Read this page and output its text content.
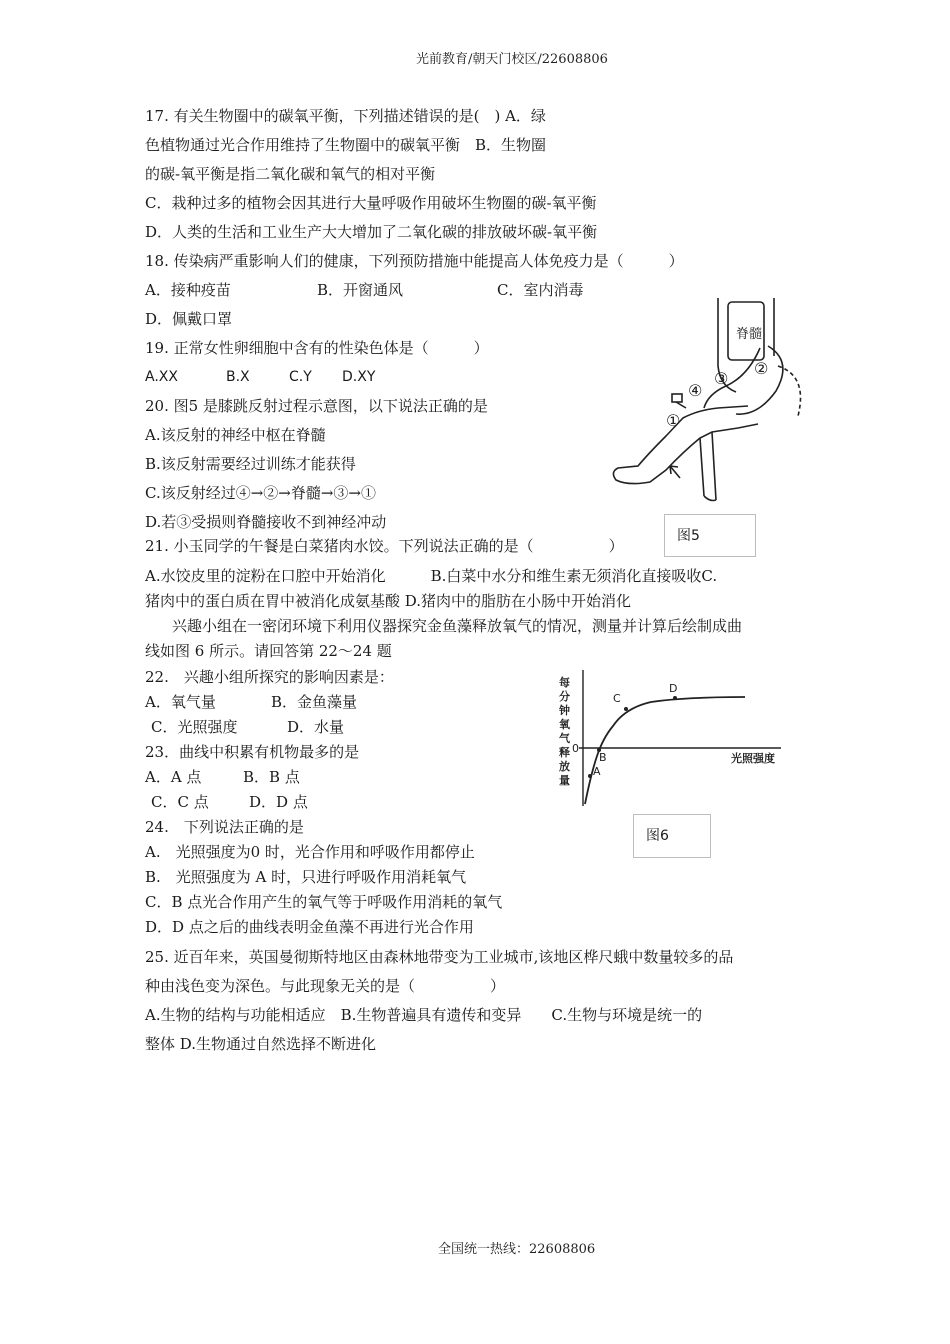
光前教育/朝天门校区/22608806
17. 有关生物圈中的碳氧平衡，下列描述错误的是(　) A．绿
色植物通过光合作用维持了生物圈中的碳氧平衡　B．生物圈
的碳-氧平衡是指二氧化碳和氧气的相对平衡
C．栽种过多的植物会因其进行大量呼吸作用破坏生物圈的碳-氧平衡
D．人类的生活和工业生产大大增加了二氧化碳的排放破坏碳-氧平衡
18. 传染病严重影响人们的健康，下列预防措施中能提高人体免疫力是（　　　）
A．接种疫苗	B．开窗通风	C．室内消毒
D．佩戴口罩
19. 正常女性卵细胞中含有的性染色体是（　　　）
A.XX	B.X	C.Y D.XY
20. 图5 是膝跳反射过程示意图，以下说法正确的是
A.该反射的神经中枢在脊髓
B.该反射需要经过训练才能获得
C.该反射经过④→②→脊髓→③→①
D.若③受损则脊髓接收不到神经冲动
脊髓
④
③
②
①
图5
21. 小玉同学的午餐是白菜猪肉水饺。下列说法正确的是（　　　　　）
A.水饺皮里的淀粉在口腔中开始消化　　　B.白菜中水分和维生素无须消化直接吸收C.
猪肉中的蛋白质在胃中被消化成氨基酸 D.猪肉中的脂肪在小肠中开始消化
兴趣小组在一密闭环境下利用仪器探究金鱼藻释放氧气的情况，测量并计算后绘制成曲
线如图 6 所示。请回答第 22～24 题
22.　兴趣小组所探究的影响因素是：
A．氧气量	B．金鱼藻量
C．光照强度	D．水量
23．曲线中积累有机物最多的是
A．A 点	B．B 点
C．C 点	D．D 点
24.　下列说法正确的是
A.　光照强度为0 时，光合作用和呼吸作用都停止
B.　光照强度为 A 时，只进行呼吸作用消耗氧气
C．B 点光合作用产生的氧气等于呼吸作用消耗的氧气
D．D 点之后的曲线表明金鱼藻不再进行光合作用
每
分
钟
氧
气
释
放
量
光照强度
0
A
B
C
D
图6
25. 近百年来，英国曼彻斯特地区由森林地带变为工业城市,该地区桦尺蛾中数量较多的品
种由浅色变为深色。与此现象无关的是（　　　　　）
A.生物的结构与功能相适应　B.生物普遍具有遗传和变异　　C.生物与环境是统一的
整体 D.生物通过自然选择不断进化
全国统一热线：22608806
